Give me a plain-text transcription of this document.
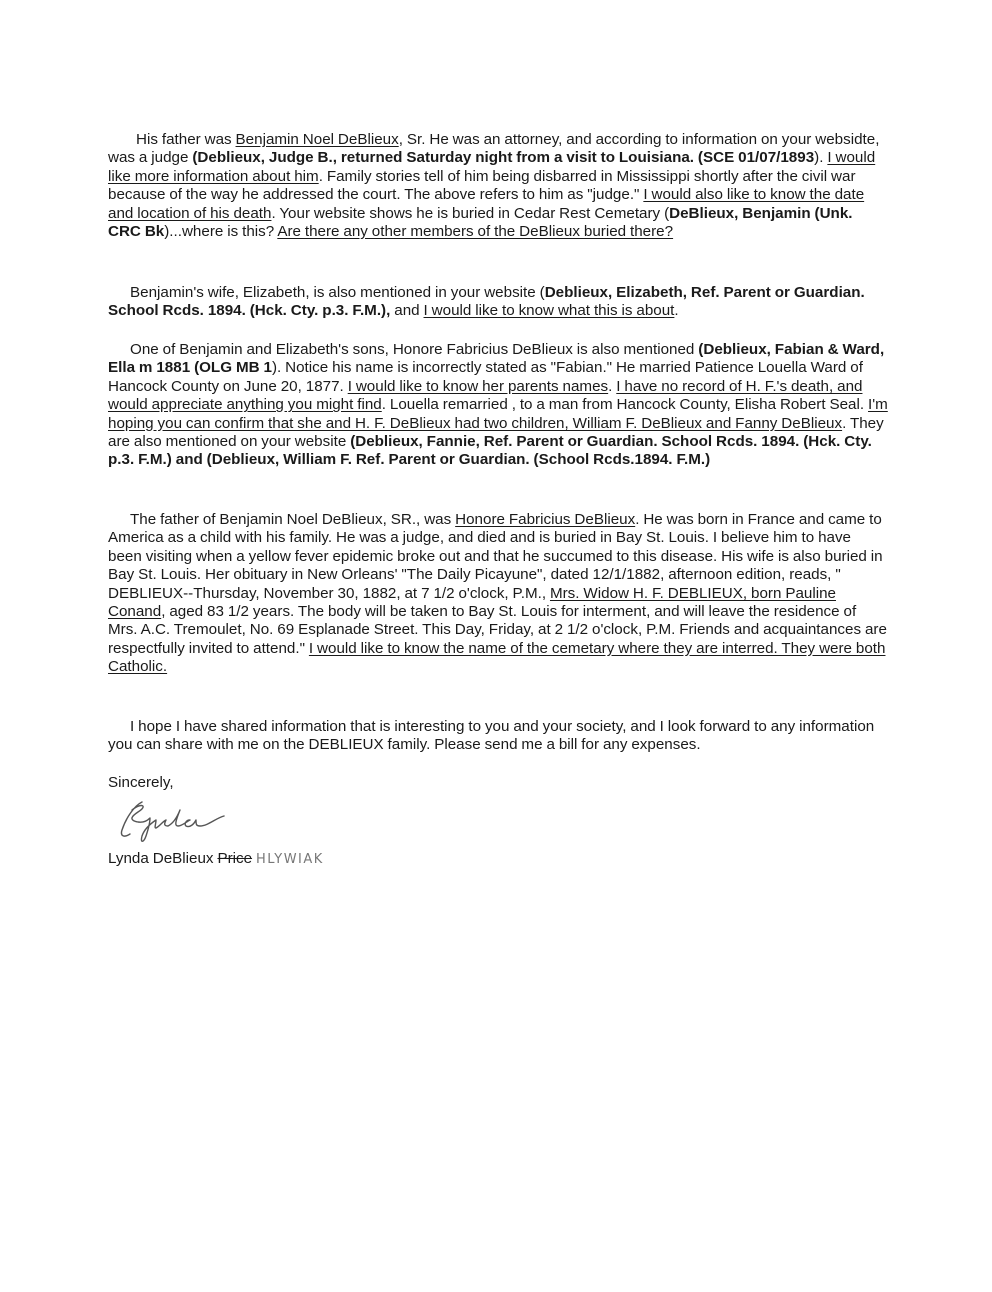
His father was Benjamin Noel DeBlieux, Sr. He was an attorney, and according to information on your websidte, was a judge (Deblieux, Judge B., returned Saturday night from a visit to Louisiana. (SCE 01/07/1893). I would like more information about him. Family stories tell of him being disbarred in Mississippi shortly after the civil war because of the way he addressed the court. The above refers to him as "judge." I would also like to know the date and location of his death. Your website shows he is buried in Cedar Rest Cemetary (DeBlieux, Benjamin (Unk. CRC Bk)...where is this? Are there any other members of the DeBlieux buried there?

Benjamin's wife, Elizabeth, is also mentioned in your website (Deblieux, Elizabeth, Ref. Parent or Guardian. School Rcds. 1894. (Hck. Cty. p.3. F.M.), and I would like to know what this is about.

One of Benjamin and Elizabeth's sons, Honore Fabricius DeBlieux is also mentioned (Deblieux, Fabian & Ward, Ella m 1881 (OLG MB 1). Notice his name is incorrectly stated as "Fabian." He married Patience Louella Ward of Hancock County on June 20, 1877. I would like to know her parents names. I have no record of H. F.'s death, and would appreciate anything you might find. Louella remarried , to a man from Hancock County, Elisha Robert Seal. I'm hoping you can confirm that she and H. F. DeBlieux had two children, William F. DeBlieux and Fanny DeBlieux. They are also mentioned on your website (Deblieux, Fannie, Ref. Parent or Guardian. School Rcds. 1894. (Hck. Cty. p.3. F.M.) and (Deblieux, William F. Ref. Parent or Guardian. (School Rcds.1894. F.M.)

The father of Benjamin Noel DeBlieux, SR., was Honore Fabricius DeBlieux. He was born in France and came to America as a child with his family. He was a judge, and died and is buried in Bay St. Louis. I believe him to have been visiting when a yellow fever epidemic broke out and that he succumed to this disease. His wife is also buried in Bay St. Louis. Her obituary in New Orleans' "The Daily Picayune", dated 12/1/1882, afternoon edition, reads, " DEBLIEUX--Thursday, November 30, 1882, at 7 1/2 o'clock, P.M., Mrs. Widow H. F. DEBLIEUX, born Pauline Conand, aged 83 1/2 years. The body will be taken to Bay St. Louis for interment, and will leave the residence of Mrs. A.C. Tremoulet, No. 69 Esplanade Street. This Day, Friday, at 2 1/2 o'clock, P.M. Friends and acquaintances are respectfully invited to attend." I would like to know the name of the cemetary where they are interred. They were both Catholic.

I hope I have shared information that is interesting to you and your society, and I look forward to any information you can share with me on the DEBLIEUX family. Please send me a bill for any expenses.

Sincerely,

Lynda DeBlieux Price HLYWIAK
